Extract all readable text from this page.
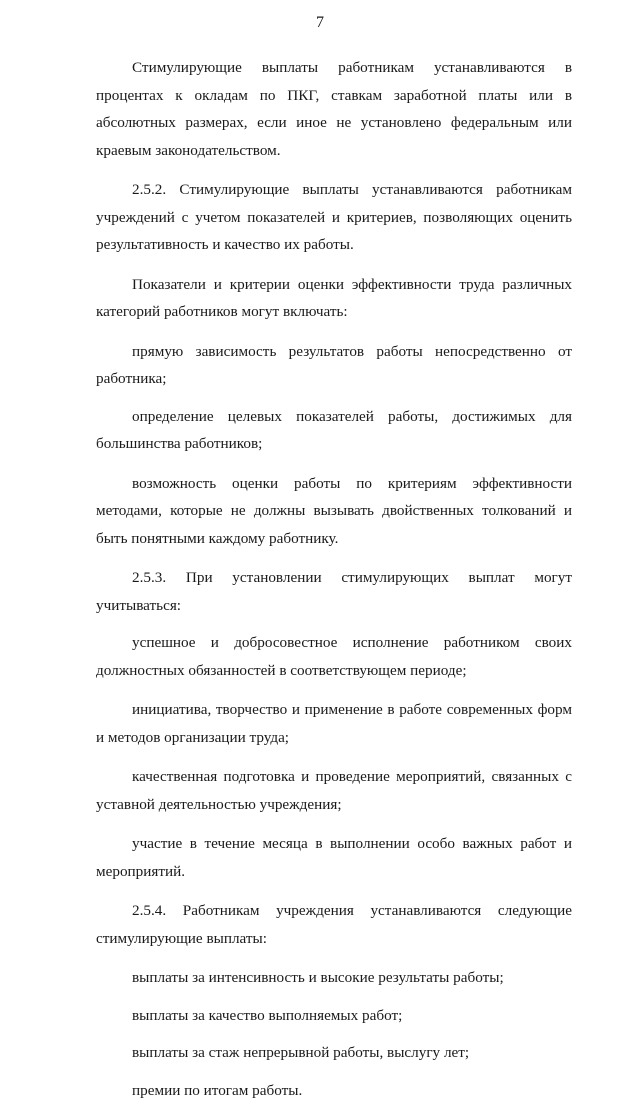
7

Стимулирующие выплаты работникам устанавливаются в процентах к окладам по ПКГ, ставкам заработной платы или в абсолютных размерах, если иное не установлено федеральным или краевым законодательством.

2.5.2. Стимулирующие выплаты устанавливаются работникам учреждений с учетом показателей и критериев, позволяющих оценить результативность и качество их работы.

Показатели и критерии оценки эффективности труда различных категорий работников могут включать:

прямую зависимость результатов работы непосредственно от работника;

определение целевых показателей работы, достижимых для большинства работников;

возможность оценки работы по критериям эффективности методами, которые не должны вызывать двойственных толкований и быть понятными каждому работнику.

2.5.3. При установлении стимулирующих выплат могут учитываться:

успешное и добросовестное исполнение работником своих должностных обязанностей в соответствующем периоде;

инициатива, творчество и применение в работе современных форм и методов организации труда;

качественная подготовка и проведение мероприятий, связанных с уставной деятельностью учреждения;

участие в течение месяца в выполнении особо важных работ и мероприятий.

2.5.4. Работникам учреждения устанавливаются следующие стимулирующие выплаты:

выплаты за интенсивность и высокие результаты работы;

выплаты за качество выполняемых работ;

выплаты за стаж непрерывной работы, выслугу лет;

премии по итогам работы.
